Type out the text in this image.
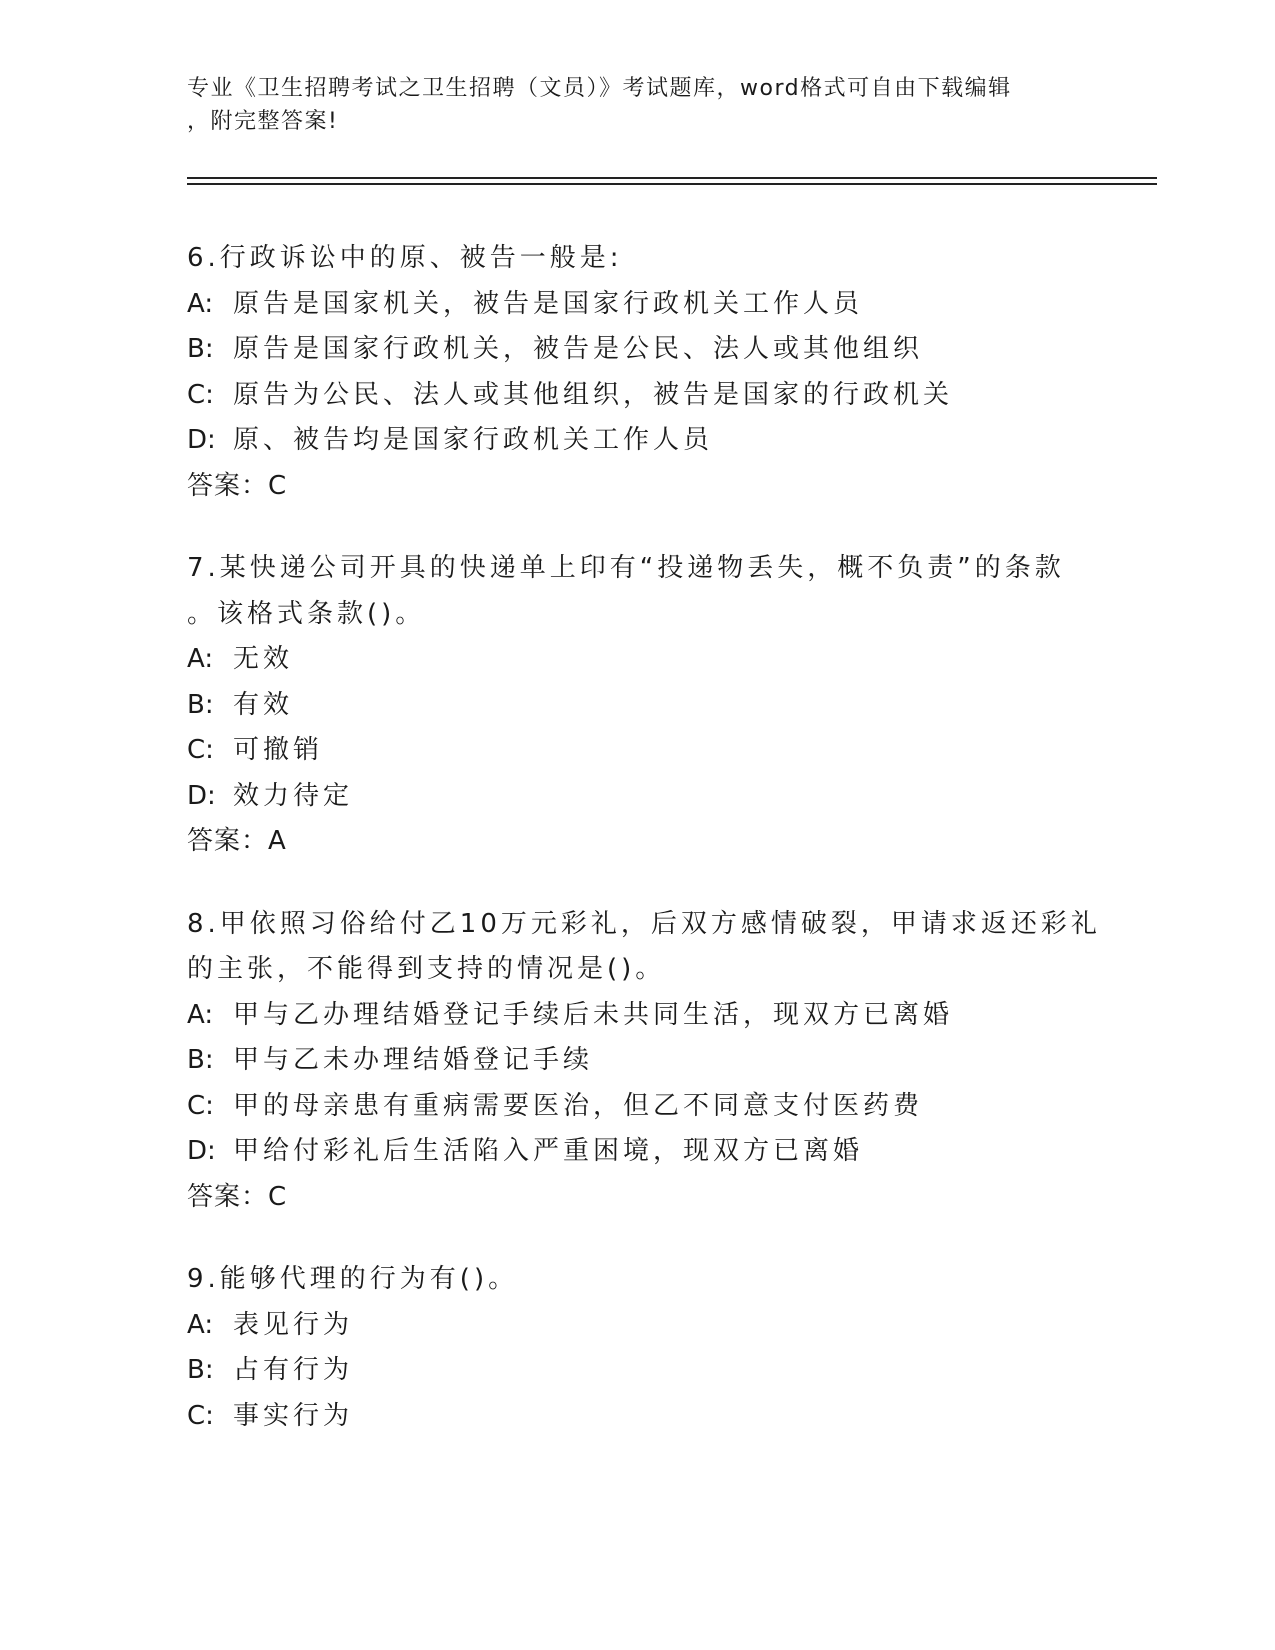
专业《卫生招聘考试之卫生招聘（文员）》考试题库，word格式可自由下载编辑
，附完整答案!
6.行政诉讼中的原、被告一般是:
A: 原告是国家机关，被告是国家行政机关工作人员
B: 原告是国家行政机关，被告是公民、法人或其他组织
C: 原告为公民、法人或其他组织，被告是国家的行政机关
D: 原、被告均是国家行政机关工作人员
答案：C
7.某快递公司开具的快递单上印有“投递物丢失，概不负责”的条款
。该格式条款()。
A: 无效
B: 有效
C: 可撤销
D: 效力待定
答案：A
8.甲依照习俗给付乙10万元彩礼，后双方感情破裂，甲请求返还彩礼
的主张，不能得到支持的情况是()。
A: 甲与乙办理结婚登记手续后未共同生活，现双方已离婚
B: 甲与乙未办理结婚登记手续
C: 甲的母亲患有重病需要医治，但乙不同意支付医药费
D: 甲给付彩礼后生活陷入严重困境，现双方已离婚
答案：C
9.能够代理的行为有()。
A: 表见行为
B: 占有行为
C: 事实行为
